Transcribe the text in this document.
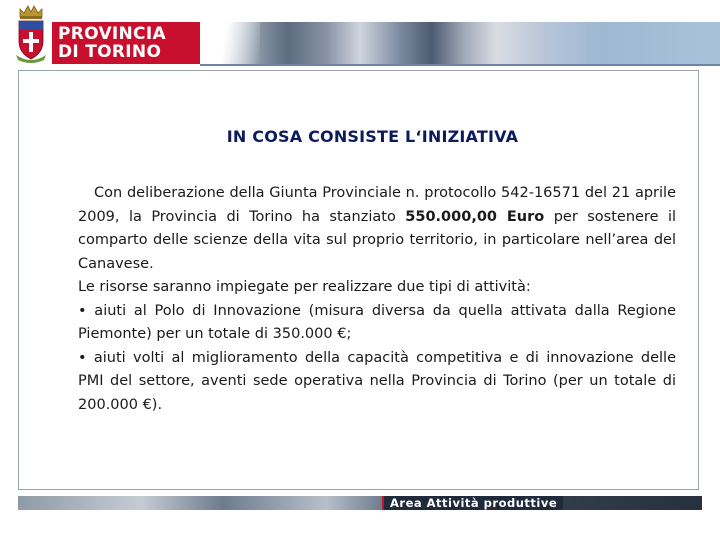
PROVINCIA
DI TORINO
IN COSA CONSISTE L‘INIZIATIVA

Con deliberazione della Giunta Provinciale n. protocollo 542-16571 del 21 aprile 2009, la Provincia di Torino ha stanziato 550.000,00 Euro per sostenere il comparto delle scienze della vita sul proprio territorio, in particolare nell’area del Canavese.

Le risorse saranno impiegate per realizzare due tipi di attività:

• aiuti al Polo di Innovazione (misura diversa da quella attivata dalla Regione Piemonte) per un totale di 350.000 €;

• aiuti volti al miglioramento della capacità competitiva e di innovazione delle PMI del settore, aventi sede operativa nella Provincia di Torino (per un totale di 200.000 €).

Area Attività produttive
